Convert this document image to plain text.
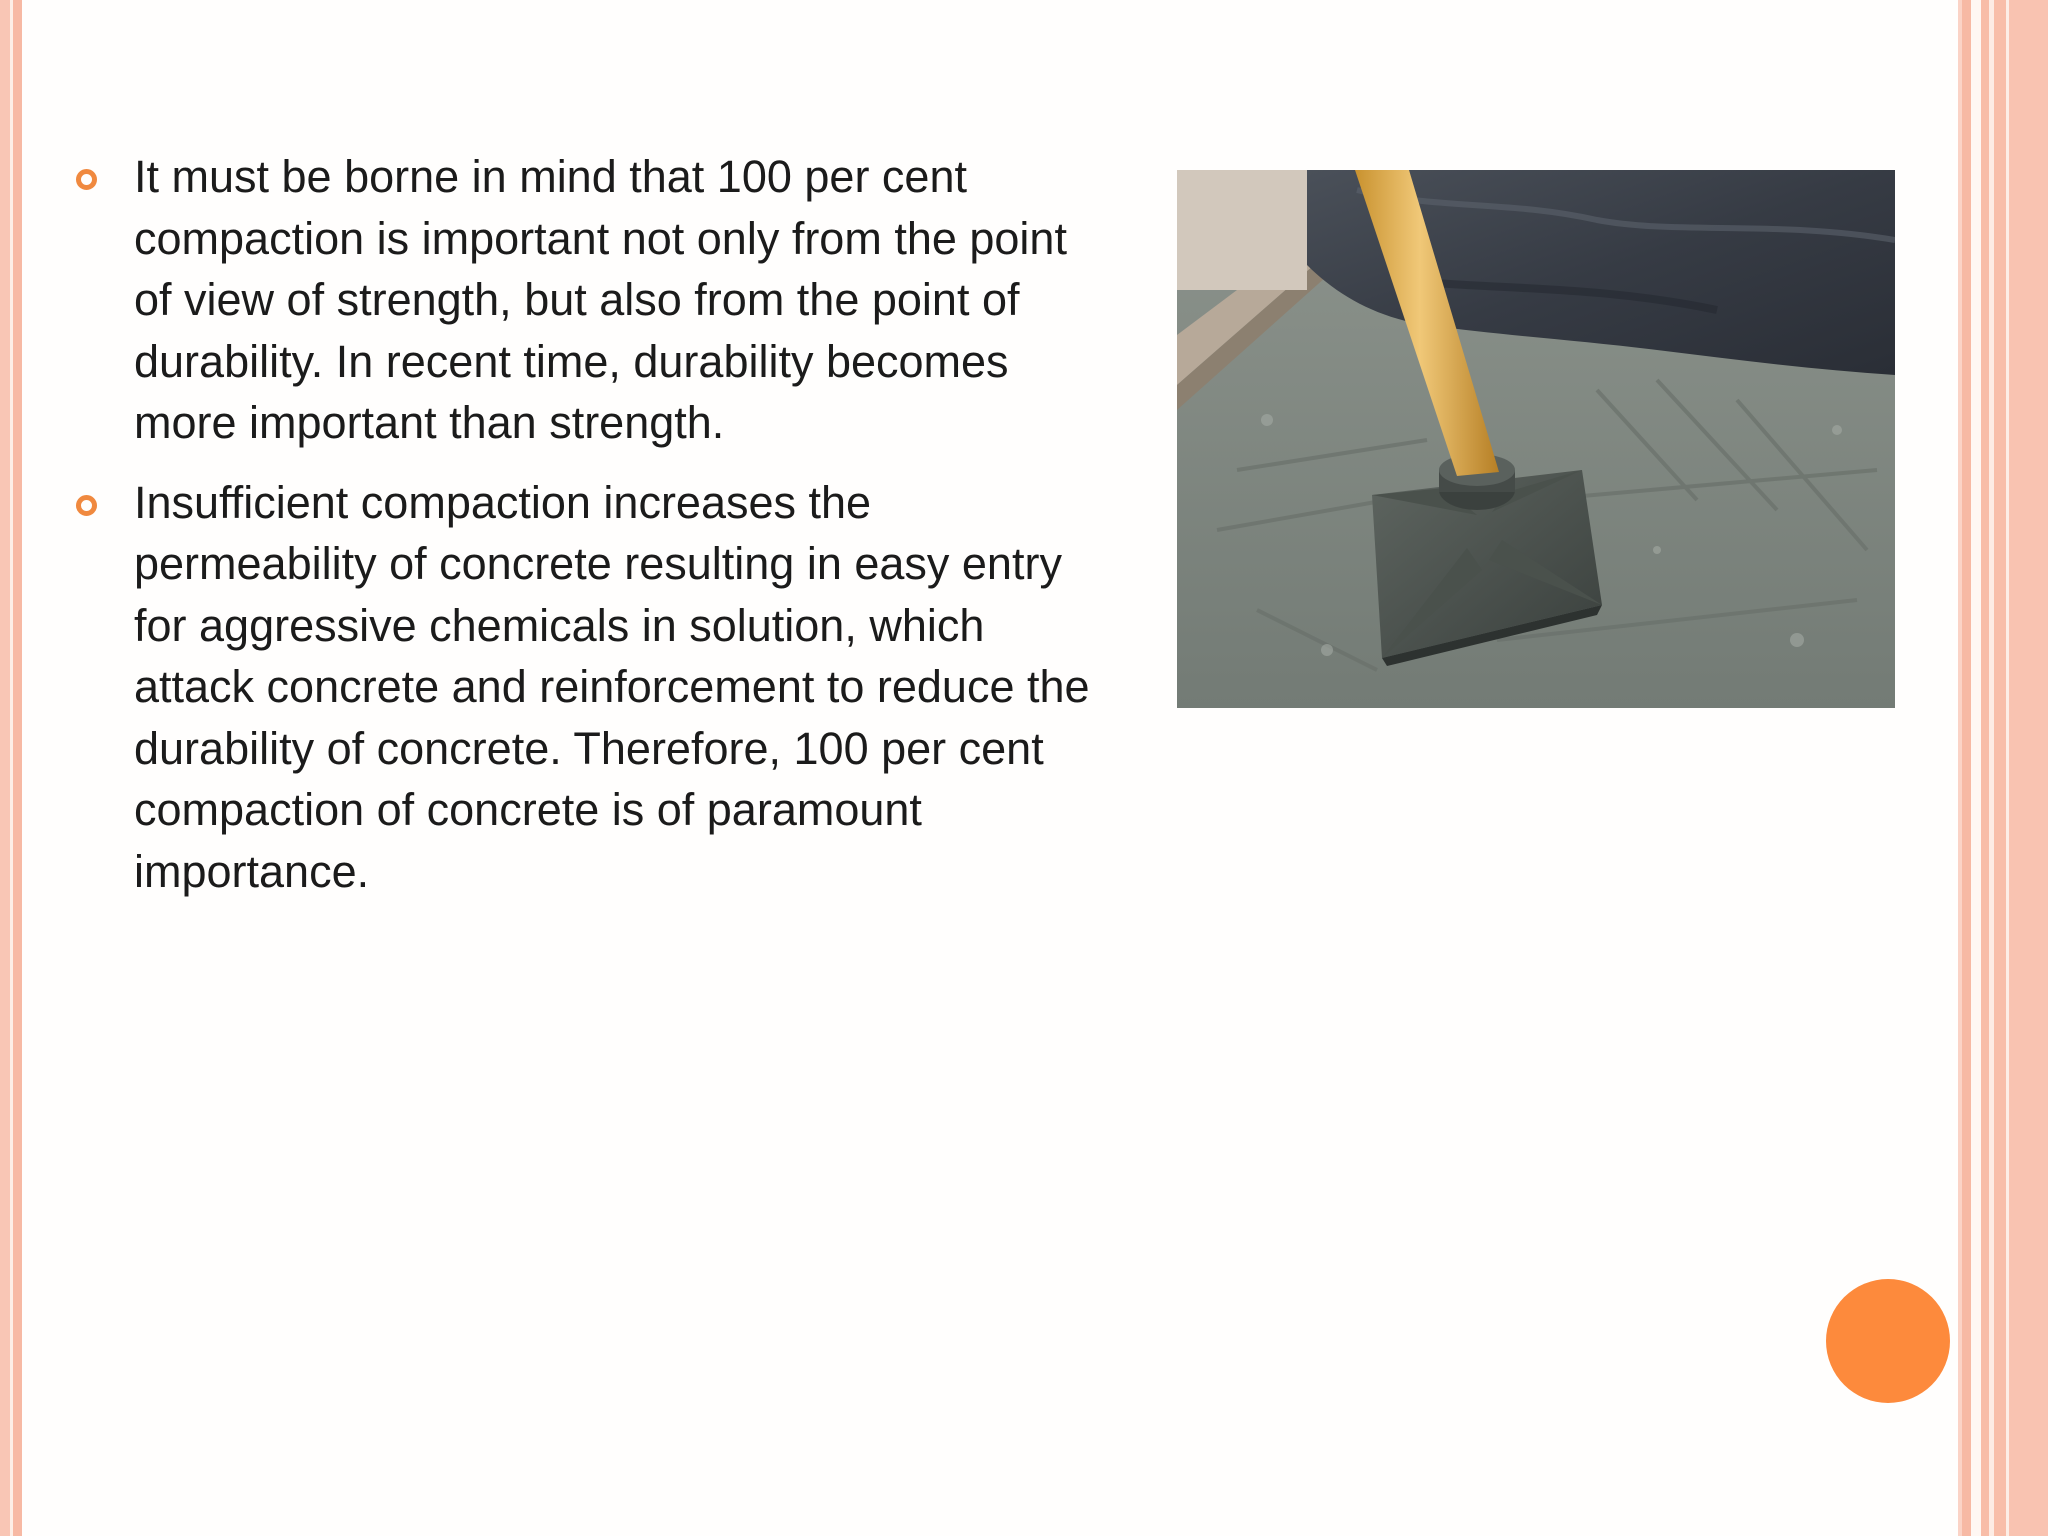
It must be borne in mind that 100 per cent compaction is important not only from the point of view of strength, but also from the point of durability. In recent time, durability becomes more important than strength.
Insufficient compaction increases the permeability of concrete resulting in easy entry for aggressive chemicals in solution, which attack concrete and reinforcement to reduce the durability of concrete. Therefore, 100 per cent compaction of concrete is of paramount importance.
